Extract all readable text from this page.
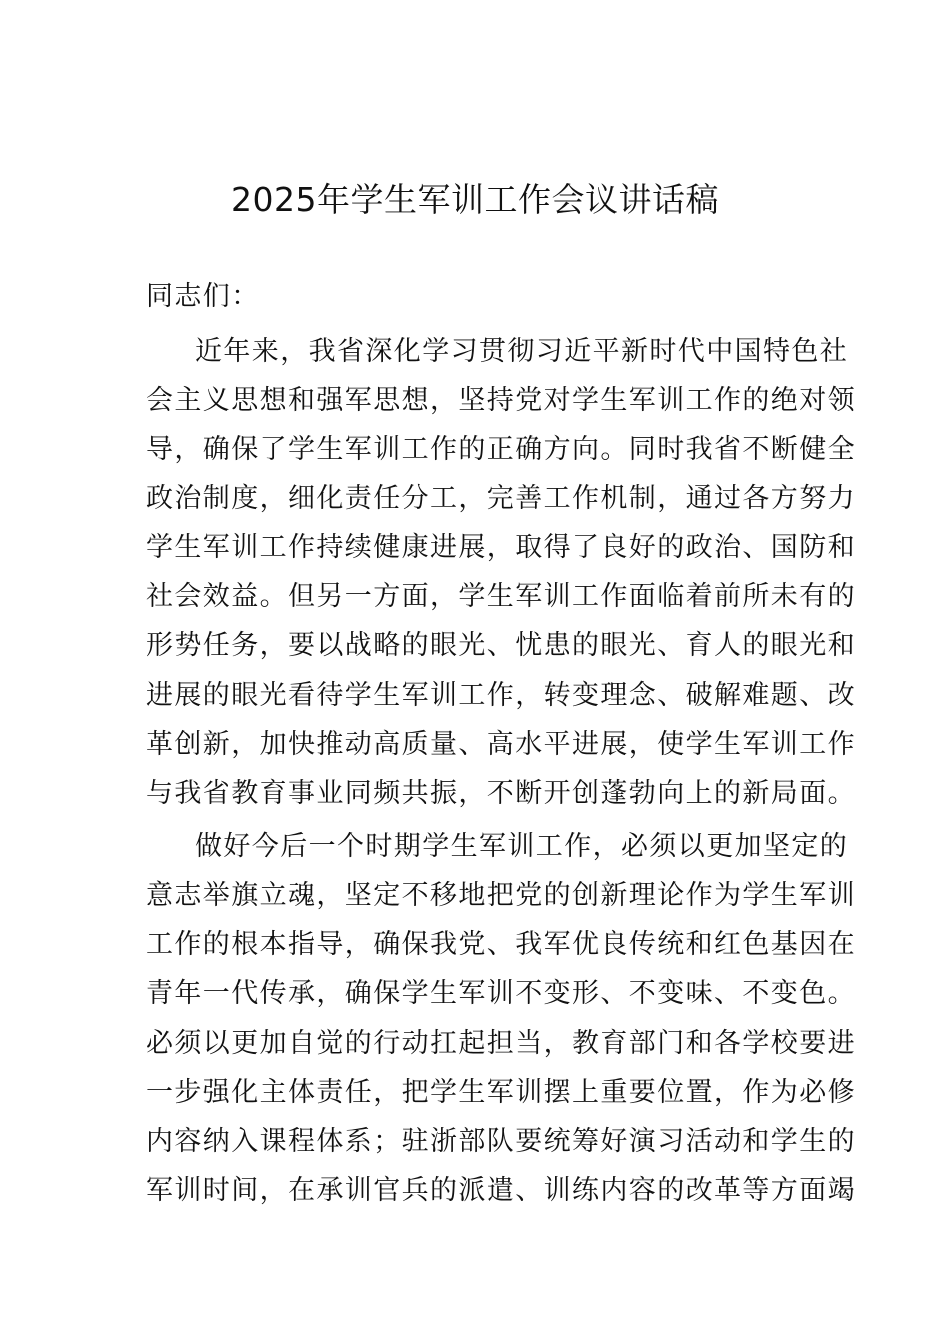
2025年学生军训工作会议讲话稿
同志们：
近年来，我省深化学习贯彻习近平新时代中国特色社
会主义思想和强军思想，坚持党对学生军训工作的绝对领
导，确保了学生军训工作的正确方向。同时我省不断健全
政治制度，细化责任分工，完善工作机制，通过各方努力
学生军训工作持续健康进展，取得了良好的政治、国防和
社会效益。但另一方面，学生军训工作面临着前所未有的
形势任务，要以战略的眼光、忧患的眼光、育人的眼光和
进展的眼光看待学生军训工作，转变理念、破解难题、改
革创新，加快推动高质量、高水平进展，使学生军训工作
与我省教育事业同频共振，不断开创蓬勃向上的新局面。
做好今后一个时期学生军训工作，必须以更加坚定的
意志举旗立魂，坚定不移地把党的创新理论作为学生军训
工作的根本指导，确保我党、我军优良传统和红色基因在
青年一代传承，确保学生军训不变形、不变味、不变色。
必须以更加自觉的行动扛起担当，教育部门和各学校要进
一步强化主体责任，把学生军训摆上重要位置，作为必修
内容纳入课程体系；驻浙部队要统筹好演习活动和学生的
军训时间，在承训官兵的派遣、训练内容的改革等方面竭
